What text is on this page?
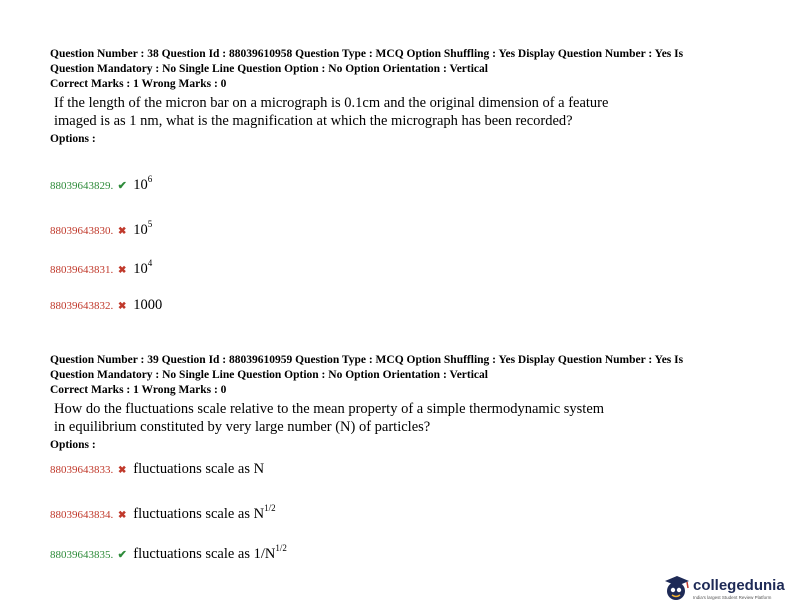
Question Number : 38 Question Id : 88039610958 Question Type : MCQ Option Shuffling : Yes Display Question Number : Yes Is
Question Mandatory : No Single Line Question Option : No Option Orientation : Vertical
Correct Marks : 1 Wrong Marks : 0
If the length of the micron bar on a micrograph is 0.1cm and the original dimension of a feature imaged is as 1 nm, what is the magnification at which the micrograph has been recorded?
Options :
88039643829. ✔ $10^6$
88039643830. ✖ $10^5$
88039643831. ✖ $10^4$
88039643832. ✖ 1000
Question Number : 39 Question Id : 88039610959 Question Type : MCQ Option Shuffling : Yes Display Question Number : Yes Is
Question Mandatory : No Single Line Question Option : No Option Orientation : Vertical
Correct Marks : 1 Wrong Marks : 0
How do the fluctuations scale relative to the mean property of a simple thermodynamic system in equilibrium constituted by very large number (N) of particles?
Options :
88039643833. ✖ fluctuations scale as N
88039643834. ✖ fluctuations scale as $N^{1/2}$
88039643835. ✔ fluctuations scale as $1/N^{1/2}$
collegedunia
India's largest Student Review Platform
